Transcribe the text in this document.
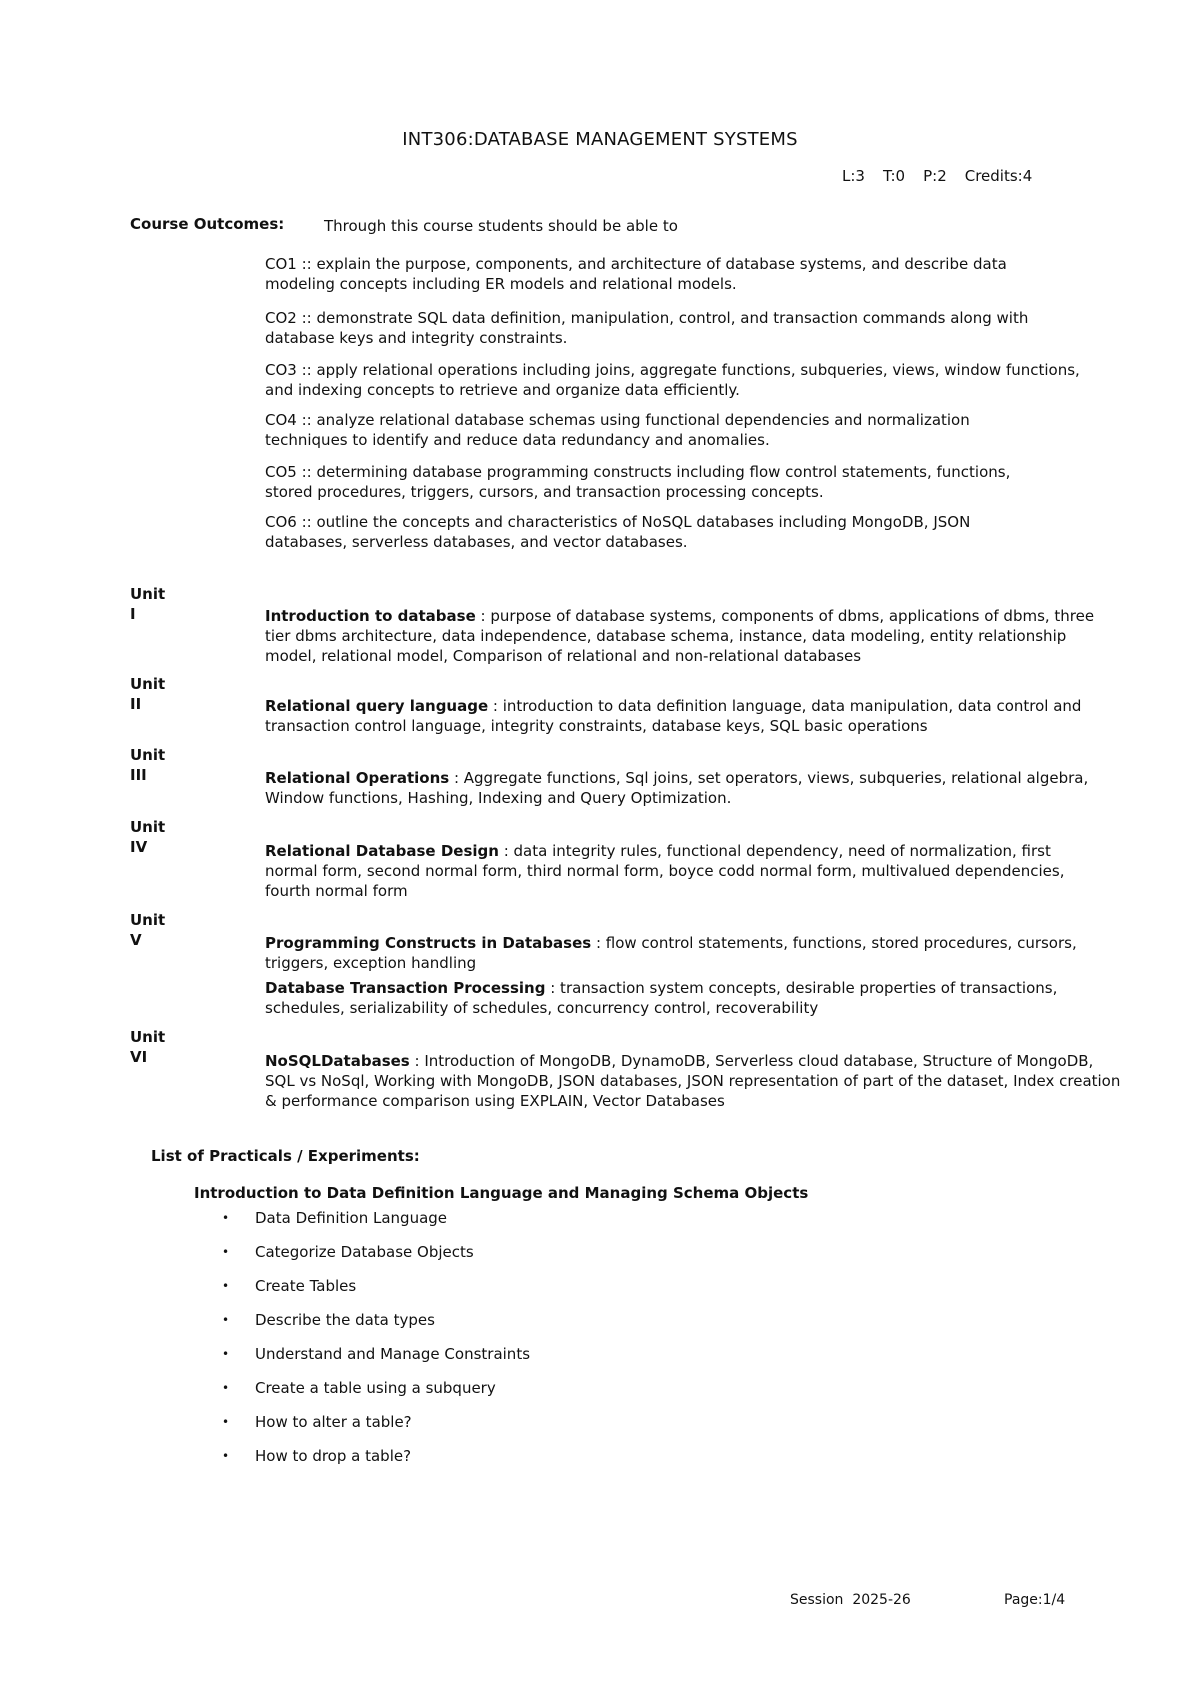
INT306:DATABASE MANAGEMENT SYSTEMS
L:3 T:0 P:2 Credits:4
Course Outcomes:	Through this course students should be able to
CO1 :: explain the purpose, components, and architecture of database systems, and describe data modeling concepts including ER models and relational models.
CO2 :: demonstrate SQL data definition, manipulation, control, and transaction commands along with database keys and integrity constraints.
CO3 :: apply relational operations including joins, aggregate functions, subqueries, views, window functions, and indexing concepts to retrieve and organize data efficiently.
CO4 :: analyze relational database schemas using functional dependencies and normalization techniques to identify and reduce data redundancy and anomalies.
CO5 :: determining database programming constructs including flow control statements, functions, stored procedures, triggers, cursors, and transaction processing concepts.
CO6 :: outline the concepts and characteristics of NoSQL databases including MongoDB, JSON databases, serverless databases, and vector databases.
Unit I	Introduction to database : purpose of database systems, components of dbms, applications of dbms, three tier dbms architecture, data independence, database schema, instance, data modeling, entity relationship model, relational model, Comparison of relational and non-relational databases

Unit II	Relational query language : introduction to data definition language, data manipulation, data control and transaction control language, integrity constraints, database keys, SQL basic operations

Unit III	Relational Operations : Aggregate functions, Sql joins, set operators, views, subqueries, relational algebra, Window functions, Hashing, Indexing and Query Optimization.

Unit IV	Relational Database Design : data integrity rules, functional dependency, need of normalization, first normal form, second normal form, third normal form, boyce codd normal form, multivalued dependencies, fourth normal form

Unit V	Programming Constructs in Databases : flow control statements, functions, stored procedures, cursors, triggers, exception handling

Database Transaction Processing : transaction system concepts, desirable properties of transactions, schedules, serializability of schedules, concurrency control, recoverability

Unit VI	NoSQLDatabases : Introduction of MongoDB, DynamoDB, Serverless cloud database, Structure of MongoDB, SQL vs NoSql, Working with MongoDB, JSON databases, JSON representation of part of the dataset, Index creation & performance comparison using EXPLAIN, Vector Databases

List of Practicals / Experiments:
Introduction to Data Definition Language and Managing Schema Objects
•	Data Definition Language
•	Categorize Database Objects
•	Create Tables
•	Describe the data types
•	Understand and Manage Constraints
•	Create a table using a subquery
•	How to alter a table?
•	How to drop a table?
Session  2025-26	Page:1/4
